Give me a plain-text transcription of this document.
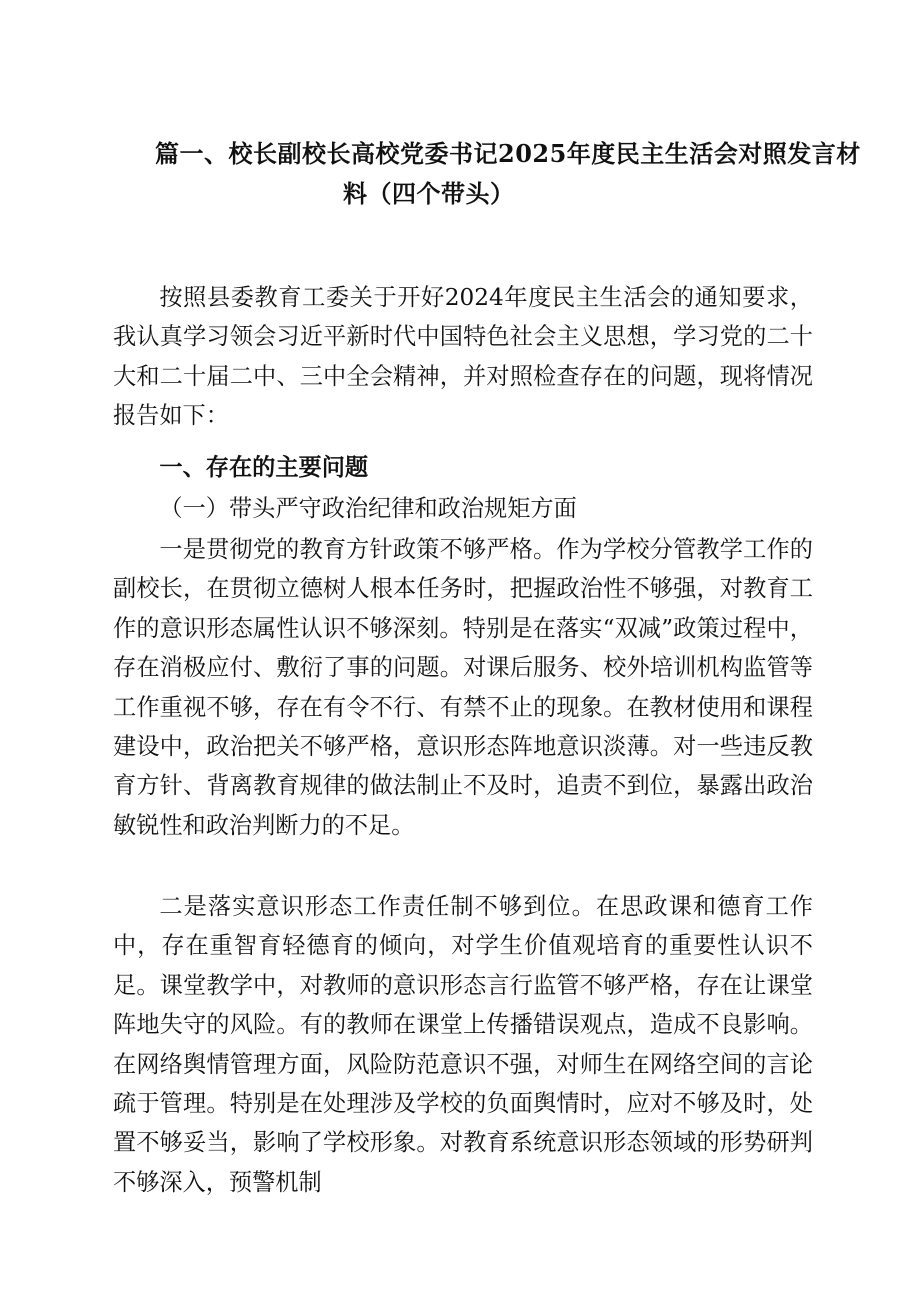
篇一、校长副校长高校党委书记2025年度民主生活会对照发言材
料（四个带头）

按照县委教育工委关于开好2024年度民主生活会的通知要求，我认真学习领会习近平新时代中国特色社会主义思想，学习党的二十大和二十届二中、三中全会精神，并对照检查存在的问题，现将情况报告如下：

一、存在的主要问题

（一）带头严守政治纪律和政治规矩方面

一是贯彻党的教育方针政策不够严格。作为学校分管教学工作的副校长，在贯彻立德树人根本任务时，把握政治性不够强，对教育工作的意识形态属性认识不够深刻。特别是在落实“双减”政策过程中，存在消极应付、敷衍了事的问题。对课后服务、校外培训机构监管等工作重视不够，存在有令不行、有禁不止的现象。在教材使用和课程建设中，政治把关不够严格，意识形态阵地意识淡薄。对一些违反教育方针、背离教育规律的做法制止不及时，追责不到位，暴露出政治敏锐性和政治判断力的不足。

二是落实意识形态工作责任制不够到位。在思政课和德育工作中，存在重智育轻德育的倾向，对学生价值观培育的重要性认识不足。课堂教学中，对教师的意识形态言行监管不够严格，存在让课堂阵地失守的风险。有的教师在课堂上传播错误观点，造成不良影响。在网络舆情管理方面，风险防范意识不强，对师生在网络空间的言论疏于管理。特别是在处理涉及学校的负面舆情时，应对不够及时，处置不够妥当，影响了学校形象。对教育系统意识形态领域的形势研判不够深入，预警机制
